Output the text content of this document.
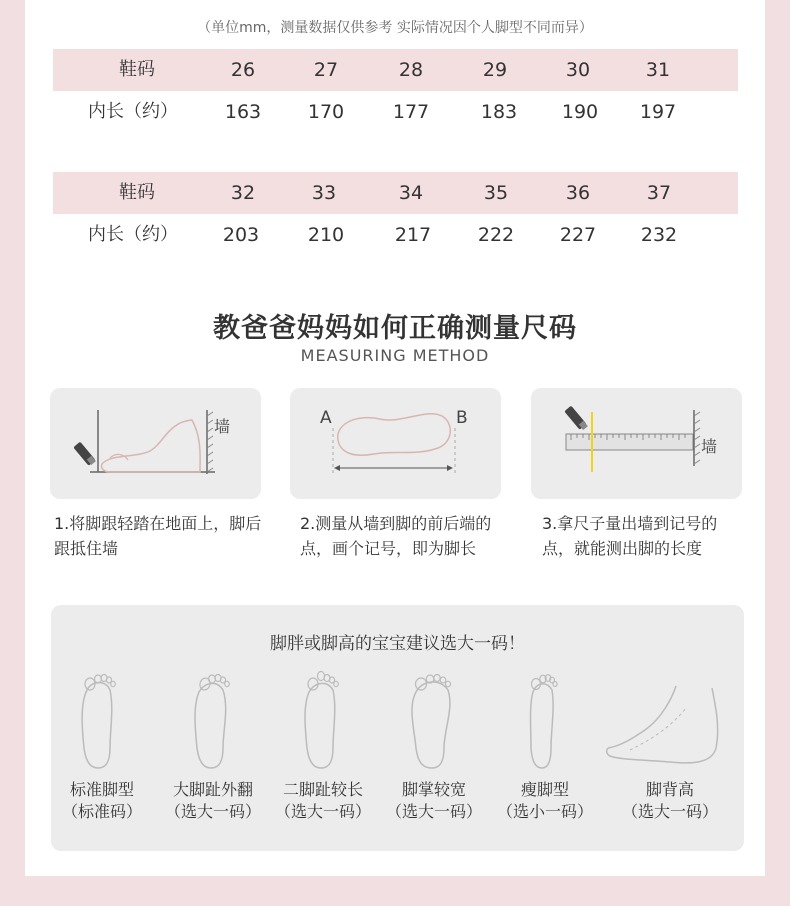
（单位mm，测量数据仅供参考 实际情况因个人脚型不同而异）
鞋码	26	27	28	29	30	31
内长（约） 163 170	177	183 190 197
鞋码	32	33	34	35	36	37
内长（约） 203	210	217 222 227 232
教爸爸妈妈如何正确测量尺码
MEASURING METHOD
墙	A	B
墙
1.将脚跟轻踏在地面上，脚后跟抵住墙
2.测量从墙到脚的前后端的点，画个记号，即为脚长
3.拿尺子量出墙到记号的点，就能测出脚的长度
脚胖或脚高的宝宝建议选大一码！
标准脚型
（标准码）
大脚趾外翻
（选大一码）
二脚趾较长
（选大一码）
脚掌较宽
（选大一码）
瘦脚型
（选小一码）
脚背高
（选大一码）
